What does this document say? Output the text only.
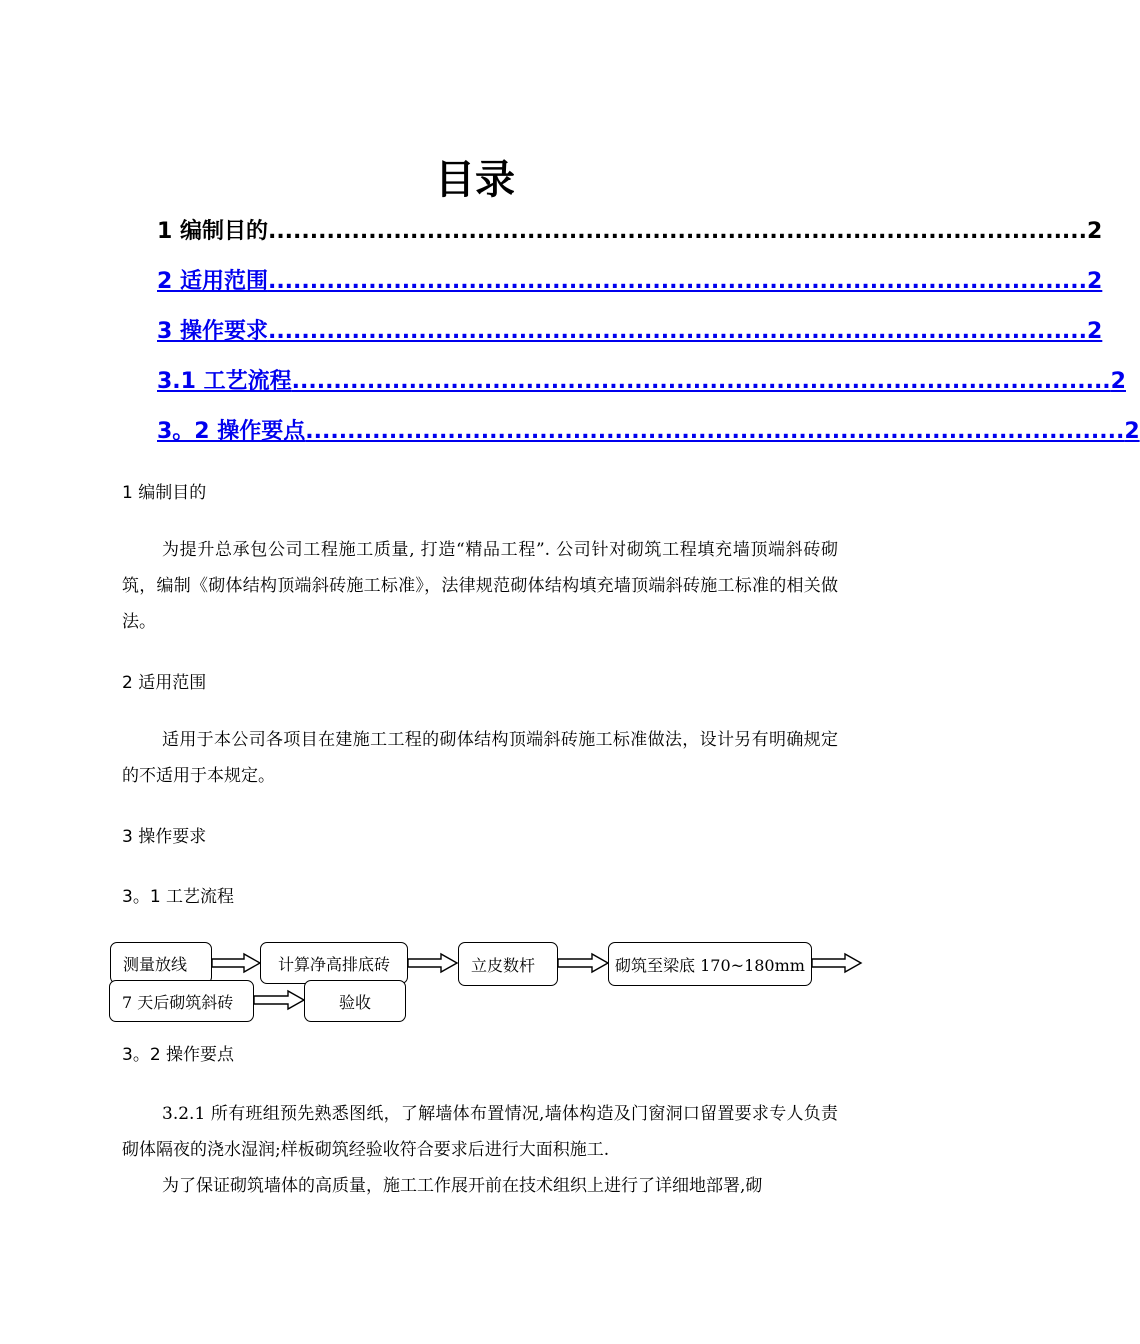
目录
1 编制目的 .................................................................................................. 2
2 适用范围 .................................................................................................. 2
3 操作要求 .................................................................................................. 2
3.1 工艺流程 .................................................................................................. 2
3。2 操作要点 .................................................................................................. 2
1 编制目的

为提升总承包公司工程施工质量, 打造“精品工程”. 公司针对砌筑工程填充墙顶端斜砖砌筑，编制《砌体结构顶端斜砖施工标准》，法律规范砌体结构填充墙顶端斜砖施工标准的相关做法。

2 适用范围

适用于本公司各项目在建施工工程的砌体结构顶端斜砖施工标准做法，设计另有明确规定的不适用于本规定。

3 操作要求
3。1 工艺流程
测量放线	计算净高排底砖	立皮数杆	砌筑至梁底 170~180mm
7 天后砌筑斜砖	验收
3。2 操作要点

3.2.1 所有班组预先熟悉图纸，了解墙体布置情况,墙体构造及门窗洞口留置要求专人负责砌体隔夜的浇水湿润;样板砌筑经验收符合要求后进行大面积施工.

为了保证砌筑墙体的高质量，施工工作展开前在技术组织上进行了详细地部署,砌
